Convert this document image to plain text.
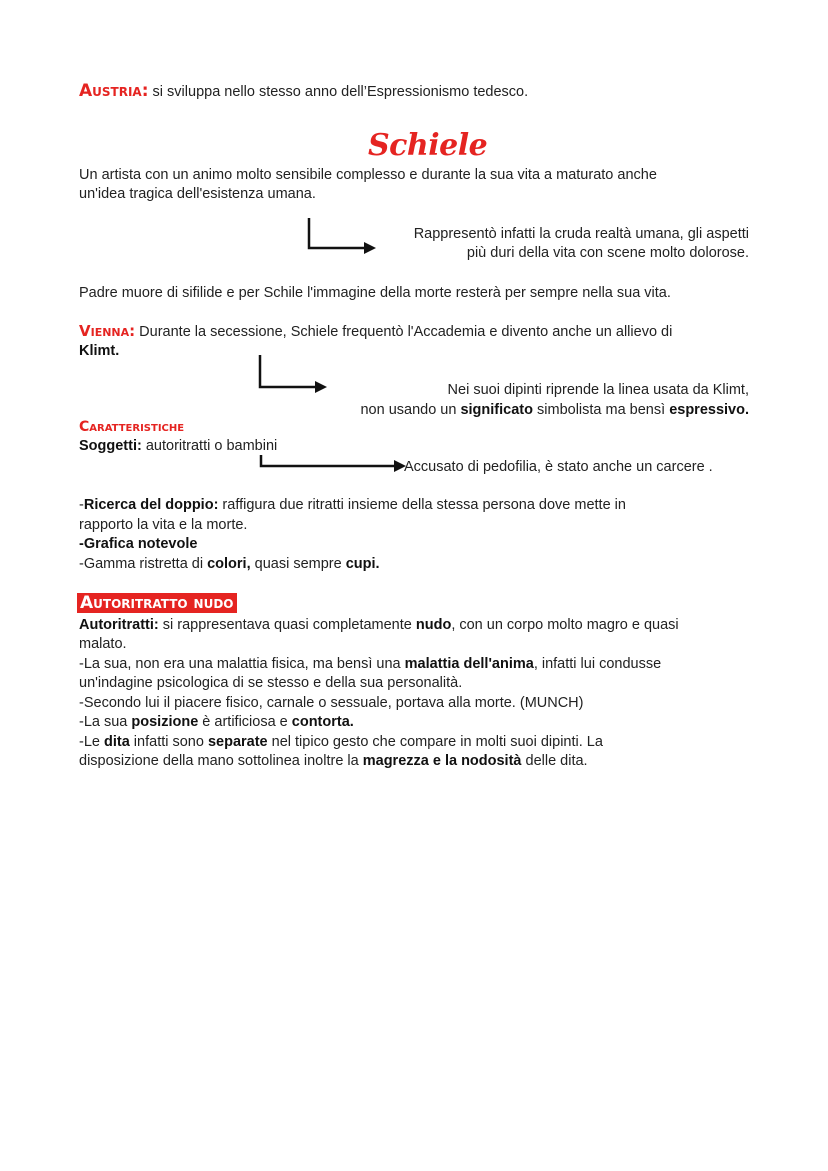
Austria: si sviluppa nello stesso anno dell’Espressionismo tedesco.
Schiele
Un artista con un animo molto sensibile complesso e durante la sua vita a maturato anche
un'idea tragica dell'esistenza umana.
Rappresentò infatti la cruda realtà umana, gli aspetti
più duri della vita con scene molto dolorose.
Padre muore di sifilide e per Schile l'immagine della morte resterà per sempre nella sua vita.
Vienna: Durante la secessione, Schiele frequentò l'Accademia e divento anche un allievo di
Klimt.
Nei suoi dipinti riprende la linea usata da Klimt,
non usando un significato simbolista ma bensì espressivo.
Caratteristiche
Soggetti: autoritratti o bambini
Accusato di pedofilia, è stato anche un carcere .
-Ricerca del doppio: raffigura due ritratti insieme della stessa persona dove mette in
rapporto la vita e la morte.
-Grafica notevole
-Gamma ristretta di colori, quasi sempre cupi.
Autoritratto nudo
Autoritratti: si rappresentava quasi completamente nudo, con un corpo molto magro e quasi
malato.
-La sua, non era una malattia fisica, ma bensì una malattia dell'anima, infatti lui condusse
un'indagine psicologica di se stesso e della sua personalità.
-Secondo lui il piacere fisico, carnale o sessuale, portava alla morte. (MUNCH)
-La sua posizione è artificiosa e contorta.
-Le dita infatti sono separate nel tipico gesto che compare in molti suoi dipinti. La
disposizione della mano sottolinea inoltre la magrezza e la nodosità delle dita.
